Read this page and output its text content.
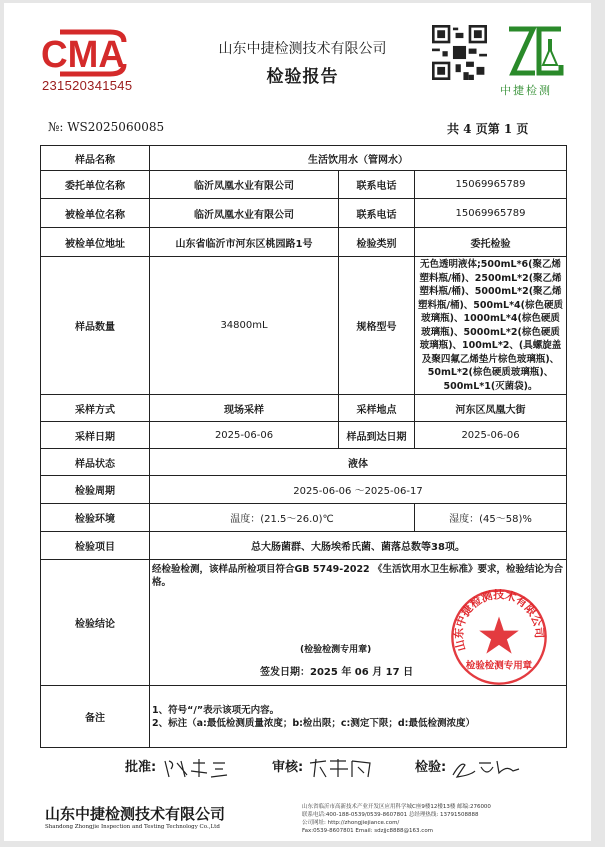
CMA
231520341545
山东中捷检测技术有限公司
检验报告
中捷检测
№: WS2025060085	共 4 页第 1 页
样品名称	生活饮用水（管网水）		
委托单位名称	临沂凤凰水业有限公司	联系电话	15069965789
被检单位名称	临沂凤凰水业有限公司	联系电话	15069965789
被检单位地址	山东省临沂市河东区桃园路1号	检验类别	委托检验
样品数量	34800mL	规格型号	无色透明液体;500mL*6(聚乙烯塑料瓶/桶)、2500mL*2(聚乙烯塑料瓶/桶)、5000mL*2(聚乙烯塑料瓶/桶)、500mL*4(棕色硬质玻璃瓶)、1000mL*4(棕色硬质玻璃瓶)、5000mL*2(棕色硬质玻璃瓶)、100mL*2、(具螺旋盖及聚四氟乙烯垫片棕色玻璃瓶)、50mL*2(棕色硬质玻璃瓶)、500mL*1(灭菌袋)。
采样方式	现场采样	采样地点	河东区凤凰大街
采样日期	2025-06-06	样品到达日期	2025-06-06
样品状态	液体		
检验周期	2025-06-06 ～2025-06-17		
检验环境	温度：(21.5～26.0)℃		湿度：(45～58)%
检验项目	总大肠菌群、大肠埃希氏菌、菌落总数等38项。		
检验结论	经检验检测，该样品所检项目符合GB 5749-2022 《生活饮用水卫生标准》要求，检验结论为合格。
山东中捷检测技术有限公司
检验检测专用章
(检验检测专用章)
签发日期：2025 年 06 月 17 日		

备注	1、符号“/”表示该项无内容。
2、标注（a:最低检测质量浓度；b:检出限；c:测定下限；d:最低检测浓度）		
批准:	审核:	检验:
山东中捷检测技术有限公司
Shandong Zhongjie Inspection and Testing Technology Co.,Ltd
山东省临沂市高新技术产业开发区应用科学城C座9楼12楼13楼 邮编:276000
联系电话:400-188-0539/0539-8607801 总经理热线: 13791508888
公司网址: http://zhongjiejiance.com/
Fax:0539-8607801 Email: sdzjjc8888@163.com
